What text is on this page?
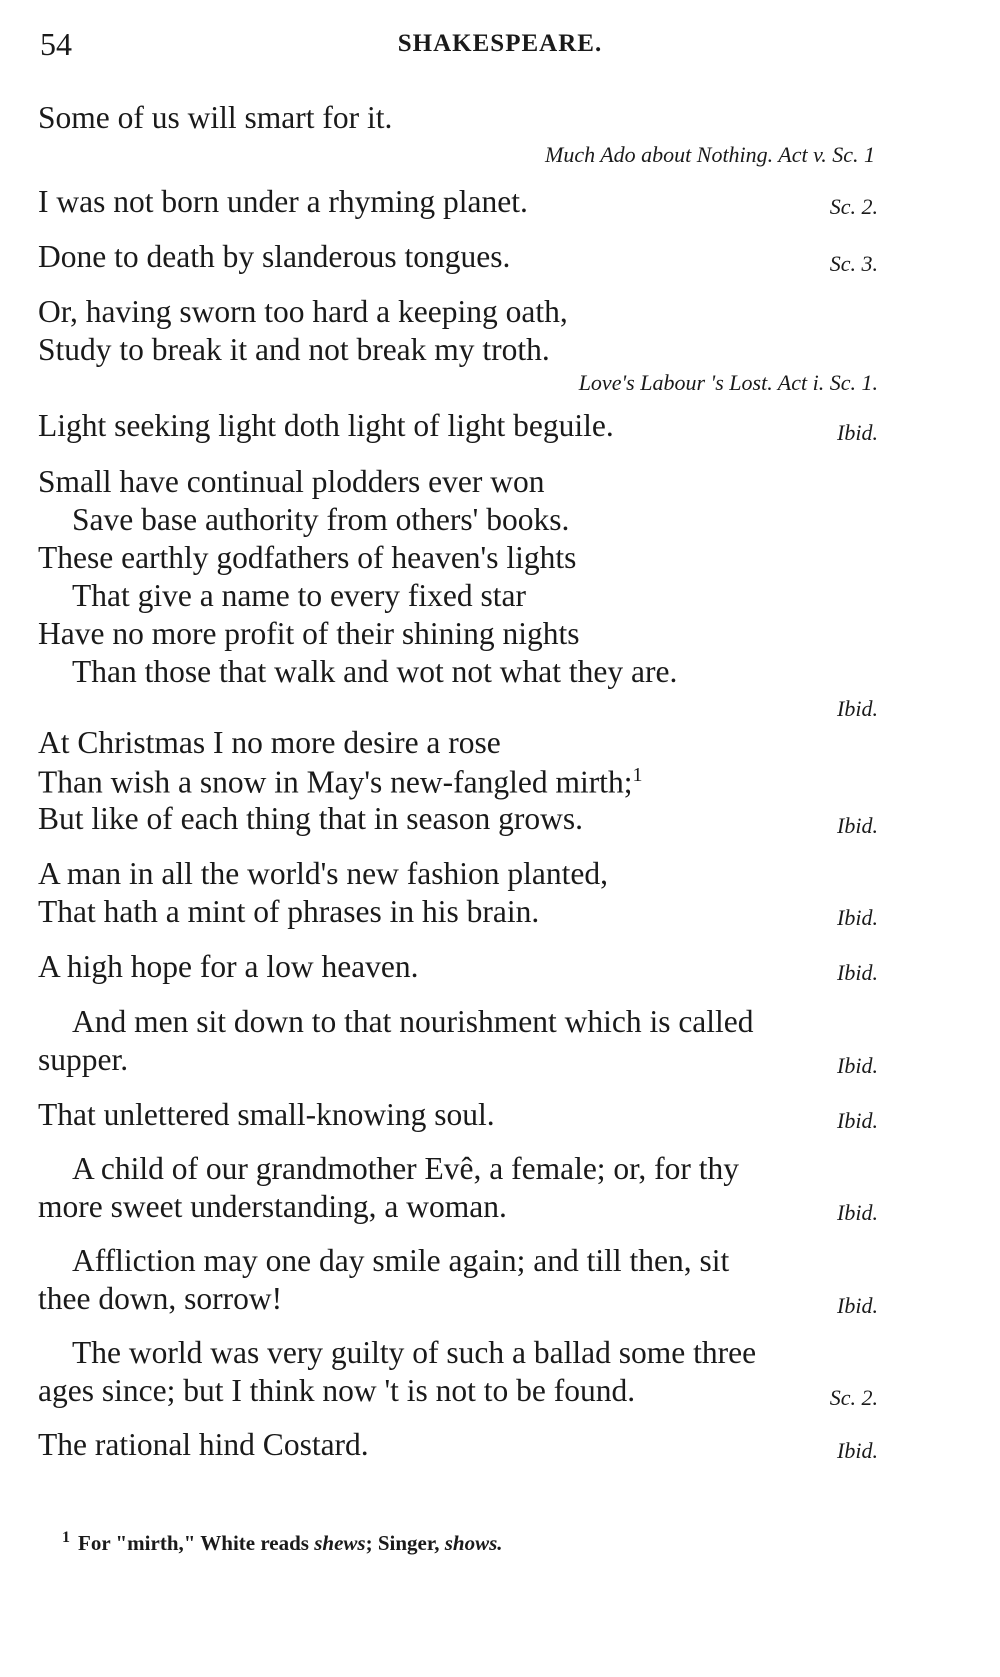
54	SHAKESPEARE.
Some of us will smart for it.
Much Ado about Nothing. Act v. Sc. 1
I was not born under a rhyming planet.	Sc. 2.
Done to death by slanderous tongues.	Sc. 3.
Or, having sworn too hard a keeping oath,
Study to break it and not break my troth.
Love's Labour 's Lost. Act i. Sc. 1.
Light seeking light doth light of light beguile.	Ibid.
Small have continual plodders ever won
Save base authority from others' books.
These earthly godfathers of heaven's lights
That give a name to every fixed star
Have no more profit of their shining nights
Than those that walk and wot not what they are.
Ibid.
At Christmas I no more desire a rose
Than wish a snow in May's new-fangled mirth;$^1$
But like of each thing that in season grows.	Ibid.
A man in all the world's new fashion planted,
That hath a mint of phrases in his brain.	Ibid.
A high hope for a low heaven.	Ibid.
And men sit down to that nourishment which is called
supper.	Ibid.
That unlettered small-knowing soul.	Ibid.
A child of our grandmother Evê, a female; or, for thy
more sweet understanding, a woman.	Ibid.
Affliction may one day smile again; and till then, sit
thee down, sorrow!	Ibid.
The world was very guilty of such a ballad some three
ages since; but I think now 't is not to be found.	Sc. 2.
The rational hind Costard.	Ibid.
$^1$ For "mirth," White reads shews; Singer, shows.
